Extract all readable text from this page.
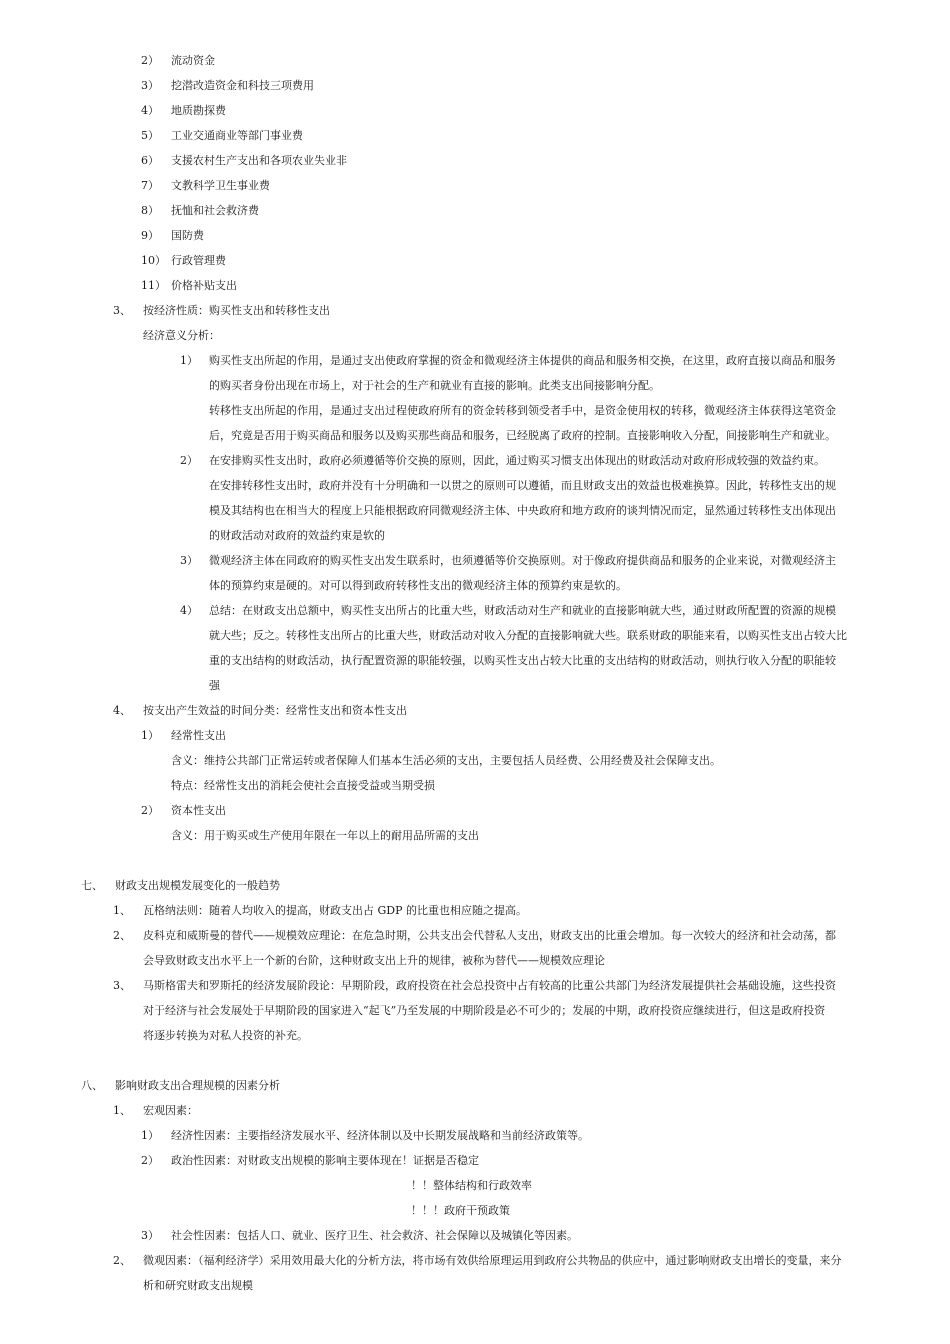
2） 流动资金
3） 挖潜改造资金和科技三项费用
4） 地质勘探费
5） 工业交通商业等部门事业费
6） 支援农村生产支出和各项农业失业非
7） 文教科学卫生事业费
8） 抚恤和社会救济费
9） 国防费
10） 行政管理费
11） 价格补贴支出
3、 按经济性质：购买性支出和转移性支出
经济意义分析：
1） 购买性支出所起的作用，是通过支出使政府掌握的资金和微观经济主体提供的商品和服务相交换，在这里，政府直接以商品和服务
的购买者身份出现在市场上，对于社会的生产和就业有直接的影响。此类支出间接影响分配。
转移性支出所起的作用，是通过支出过程使政府所有的资金转移到领受者手中，是资金使用权的转移，微观经济主体获得这笔资金
后，究竟是否用于购买商品和服务以及购买那些商品和服务，已经脱离了政府的控制。直接影响收入分配，间接影响生产和就业。
2） 在安排购买性支出时，政府必须遵循等价交换的原则，因此，通过购买习惯支出体现出的财政活动对政府形成较强的效益约束。
在安排转移性支出时，政府并没有十分明确和一以贯之的原则可以遵循，而且财政支出的效益也极难换算。因此，转移性支出的规
模及其结构也在相当大的程度上只能根据政府同微观经济主体、中央政府和地方政府的谈判情况而定，显然通过转移性支出体现出
的财政活动对政府的效益约束是软的
3） 微观经济主体在同政府的购买性支出发生联系时，也须遵循等价交换原则。对于像政府提供商品和服务的企业来说，对微观经济主
体的预算约束是硬的。对可以得到政府转移性支出的微观经济主体的预算约束是软的。
4） 总结：在财政支出总额中，购买性支出所占的比重大些，财政活动对生产和就业的直接影响就大些，通过财政所配置的资源的规模
就大些；反之。转移性支出所占的比重大些，财政活动对收入分配的直接影响就大些。联系财政的职能来看，以购买性支出占较大比
重的支出结构的财政活动，执行配置资源的职能较强，以购买性支出占较大比重的支出结构的财政活动，则执行收入分配的职能较
强
4、 按支出产生效益的时间分类：经常性支出和资本性支出
1） 经常性支出
含义：维持公共部门正常运转或者保障人们基本生活必须的支出，主要包括人员经费、公用经费及社会保障支出。
特点：经常性支出的消耗会使社会直接受益或当期受损
2） 资本性支出
含义：用于购买或生产使用年限在一年以上的耐用品所需的支出
七、 财政支出规模发展变化的一般趋势
1、 瓦格纳法则：随着人均收入的提高，财政支出占 GDP 的比重也相应随之提高。
2、 皮科克和威斯曼的替代——规模效应理论：在危急时期，公共支出会代替私人支出，财政支出的比重会增加。每一次较大的经济和社会动荡，都
会导致财政支出水平上一个新的台阶，这种财政支出上升的规律，被称为替代——规模效应理论
3、 马斯格雷夫和罗斯托的经济发展阶段论：早期阶段，政府投资在社会总投资中占有较高的比重公共部门为经济发展提供社会基础设施，这些投资
对于经济与社会发展处于早期阶段的国家进入“起飞”乃至发展的中期阶段是必不可少的；发展的中期，政府投资应继续进行，但这是政府投资
将逐步转换为对私人投资的补充。
八、 影响财政支出合理规模的因素分析
1、 宏观因素：
1） 经济性因素：主要指经济发展水平、经济体制以及中长期发展战略和当前经济政策等。
2） 政治性因素：对财政支出规模的影响主要体现在！证据是否稳定
！！整体结构和行政效率
！！！政府干预政策
3） 社会性因素：包括人口、就业、医疗卫生、社会救济、社会保障以及城镇化等因素。
2、 微观因素：（福利经济学）采用效用最大化的分析方法，将市场有效供给原理运用到政府公共物品的供应中，通过影响财政支出增长的变量，来分
析和研究财政支出规模
